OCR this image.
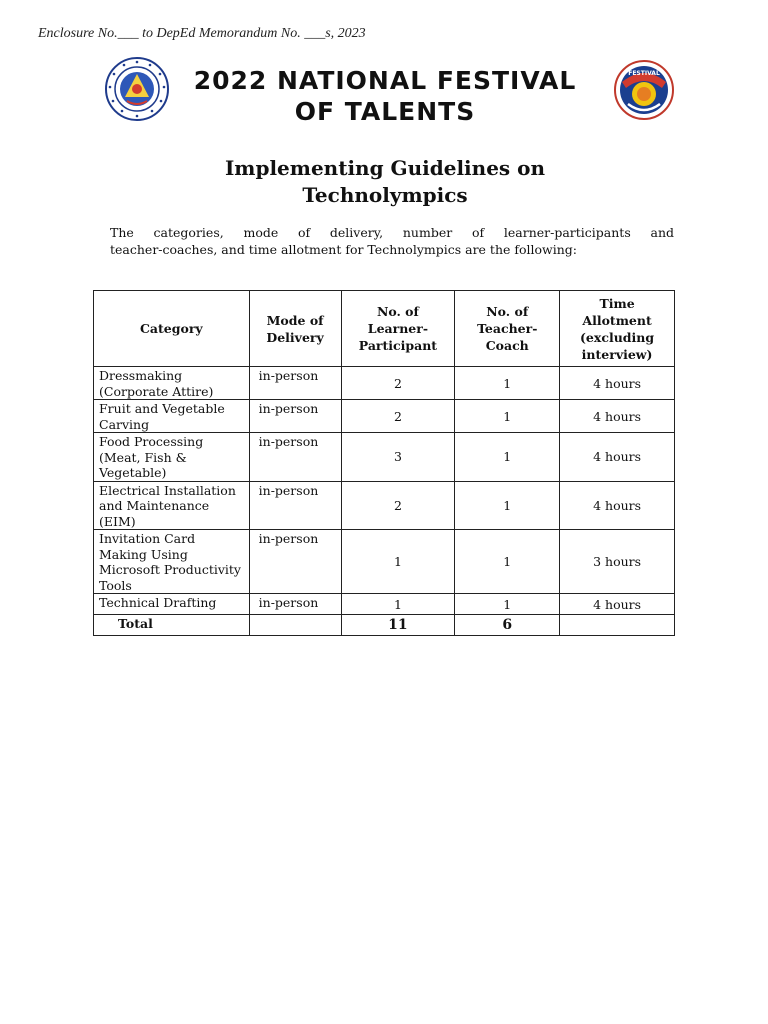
Enclosure No.___ to DepEd Memorandum No. ___s, 2023
2022 NATIONAL FESTIVAL
OF TALENTS
FESTIVAL
Implementing Guidelines on
Technolympics
The categories, mode of delivery, number of learner-participants and
teacher-coaches, and time allotment for Technolympics are the following:
Category	Mode of Delivery	No. of Learner-Participant	No. of Teacher-Coach	Time Allotment (excluding interview)
Dressmaking (Corporate Attire)	in-person	2	1	4 hours
Fruit and Vegetable Carving	in-person	2	1	4 hours
Food Processing (Meat, Fish & Vegetable)	in-person	3	1	4 hours
Electrical Installation and Maintenance (EIM)	in-person	2	1	4 hours
Invitation Card Making Using Microsoft Productivity Tools	in-person	1	1	3 hours
Technical Drafting	in-person	1	1	4 hours
Total		11	6	
